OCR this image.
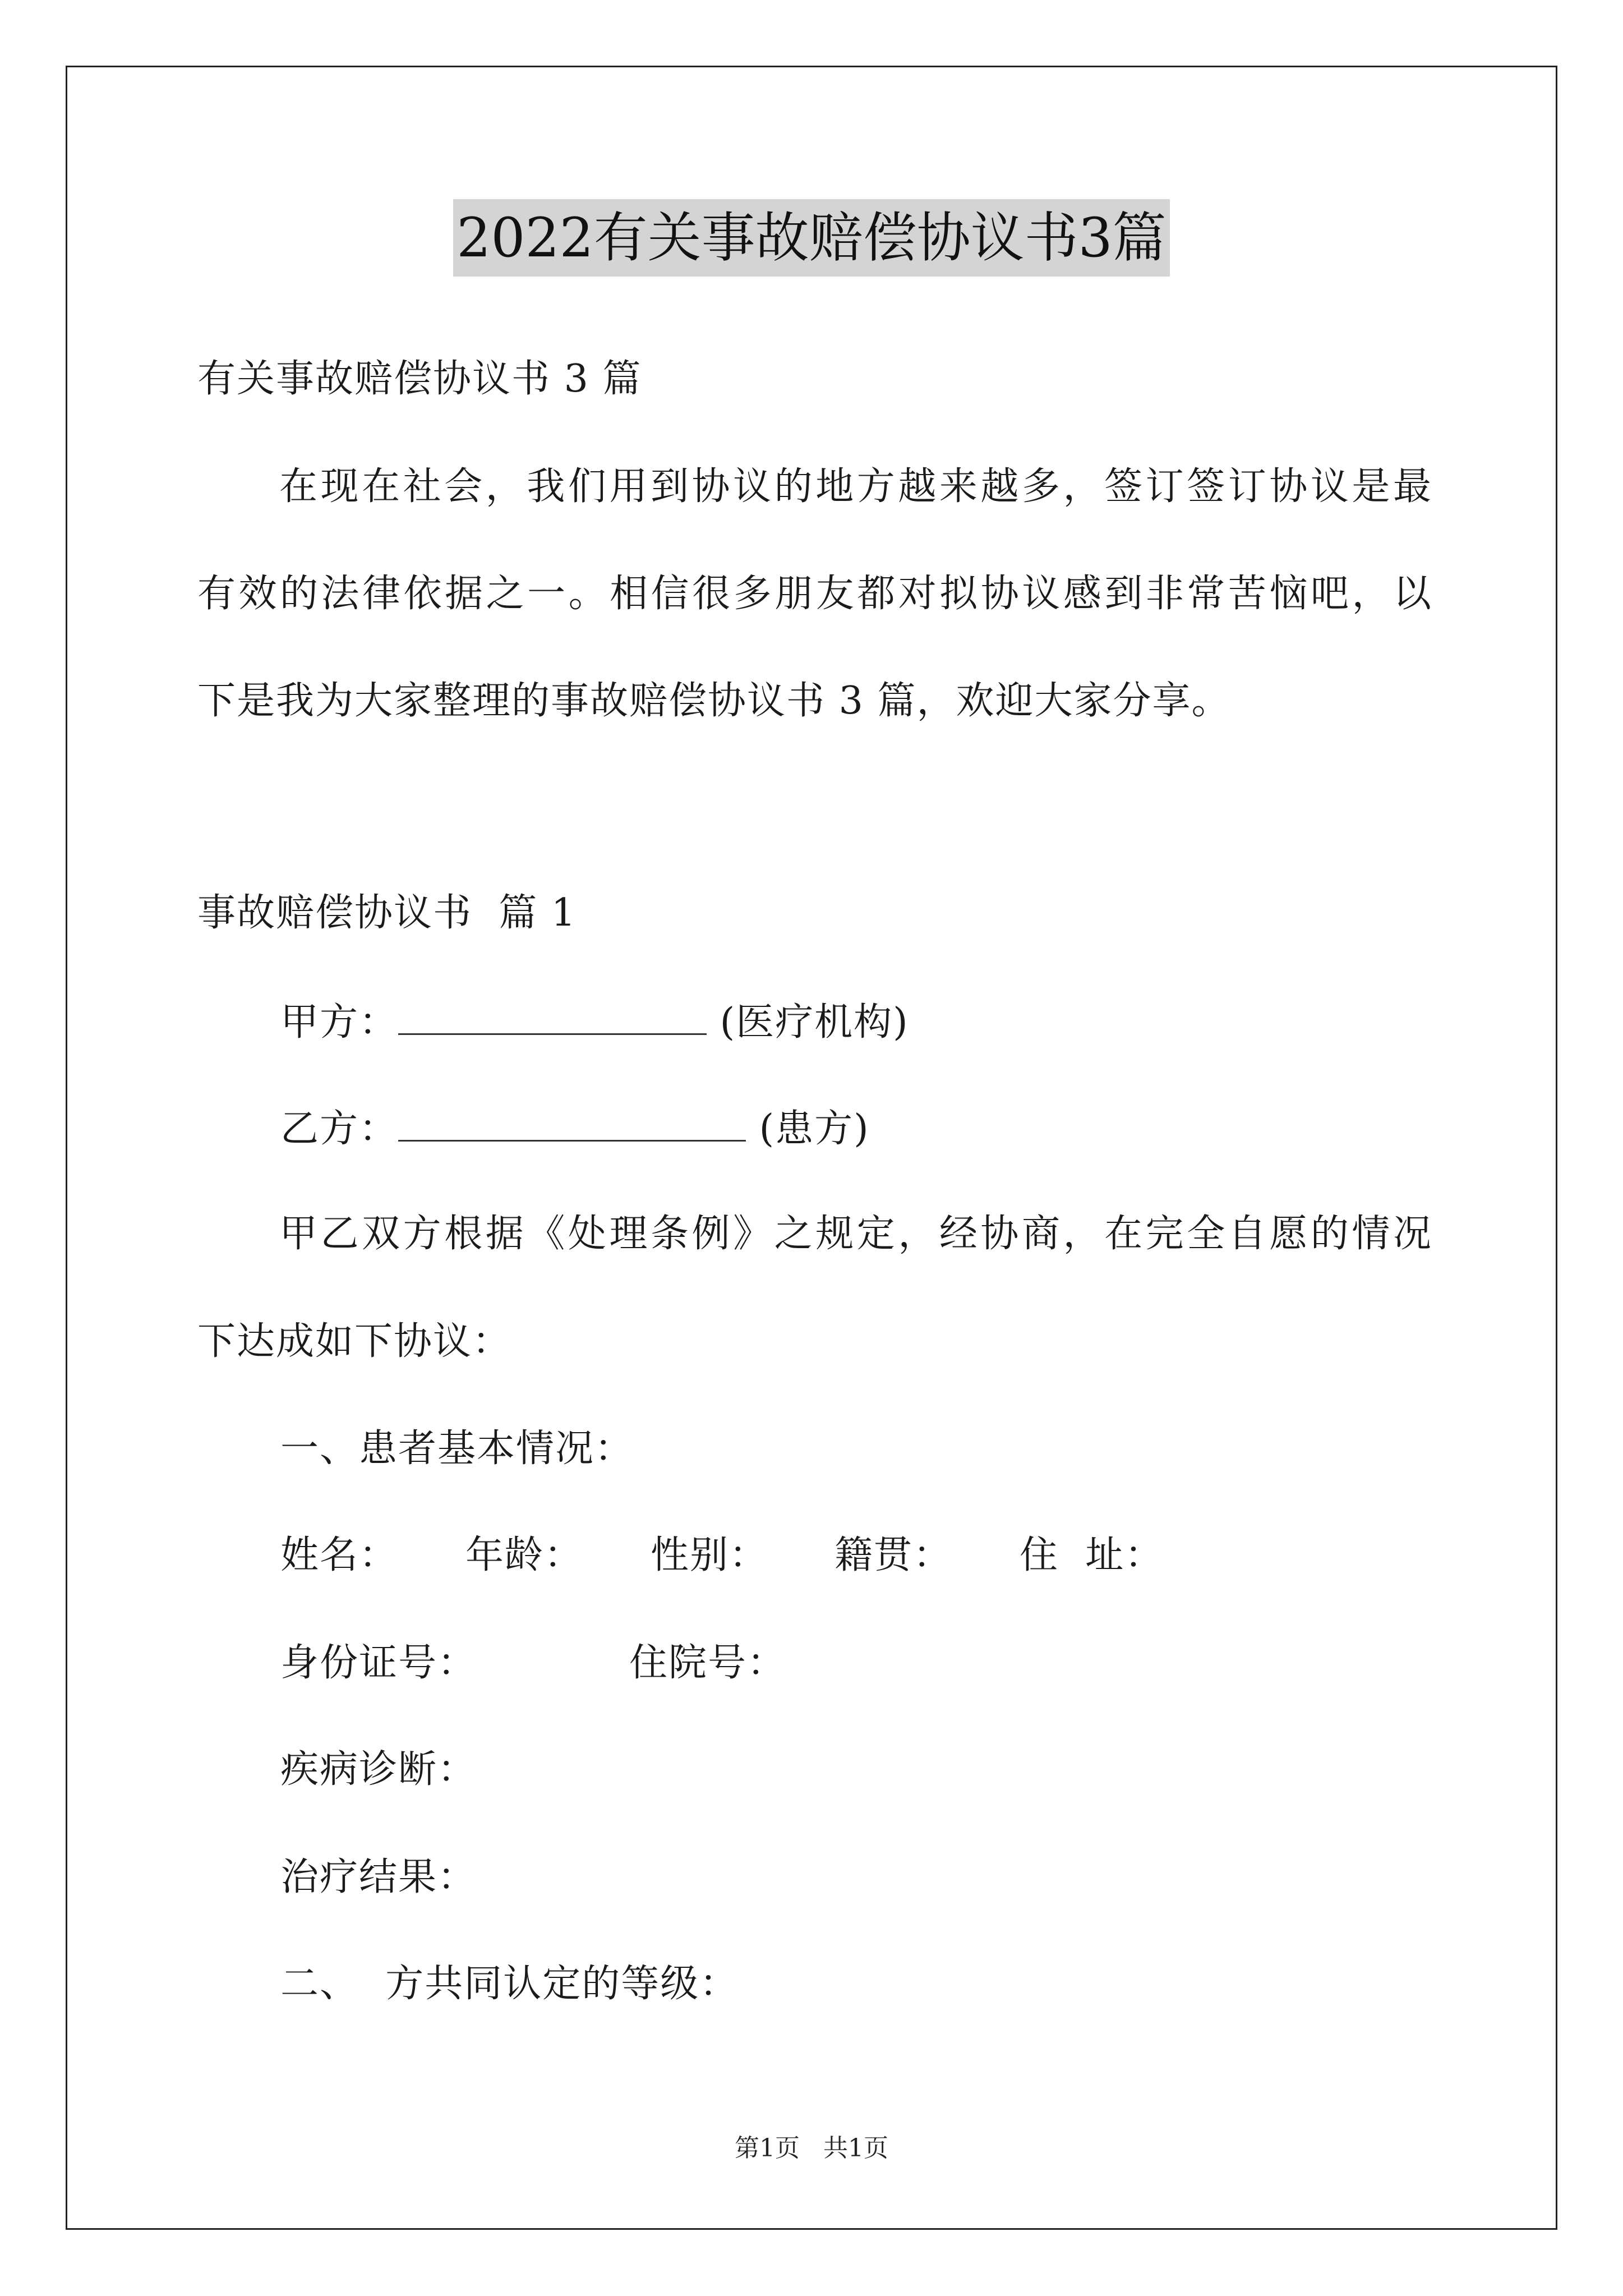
2022有关事故赔偿协议书3篇
有关事故赔偿协议书 3 篇
在现在社会，我们用到协议的地方越来越多，签订签订协议是最
有效的法律依据之一。相信很多朋友都对拟协议感到非常苦恼吧，以
下是我为大家整理的事故赔偿协议书 3 篇，欢迎大家分享。
事故赔偿协议书  篇 1
甲方：	(医疗机构)
乙方：	(患方)
甲乙双方根据《处理条例》之规定，经协商，在完全自愿的情况
下达成如下协议：
一、患者基本情况：
姓名： 年龄： 性别： 籍贯： 住  址：
身份证号：	住院号：
疾病诊断：
治疗结果：
二、  方共同认定的等级：
第1页   共1页
